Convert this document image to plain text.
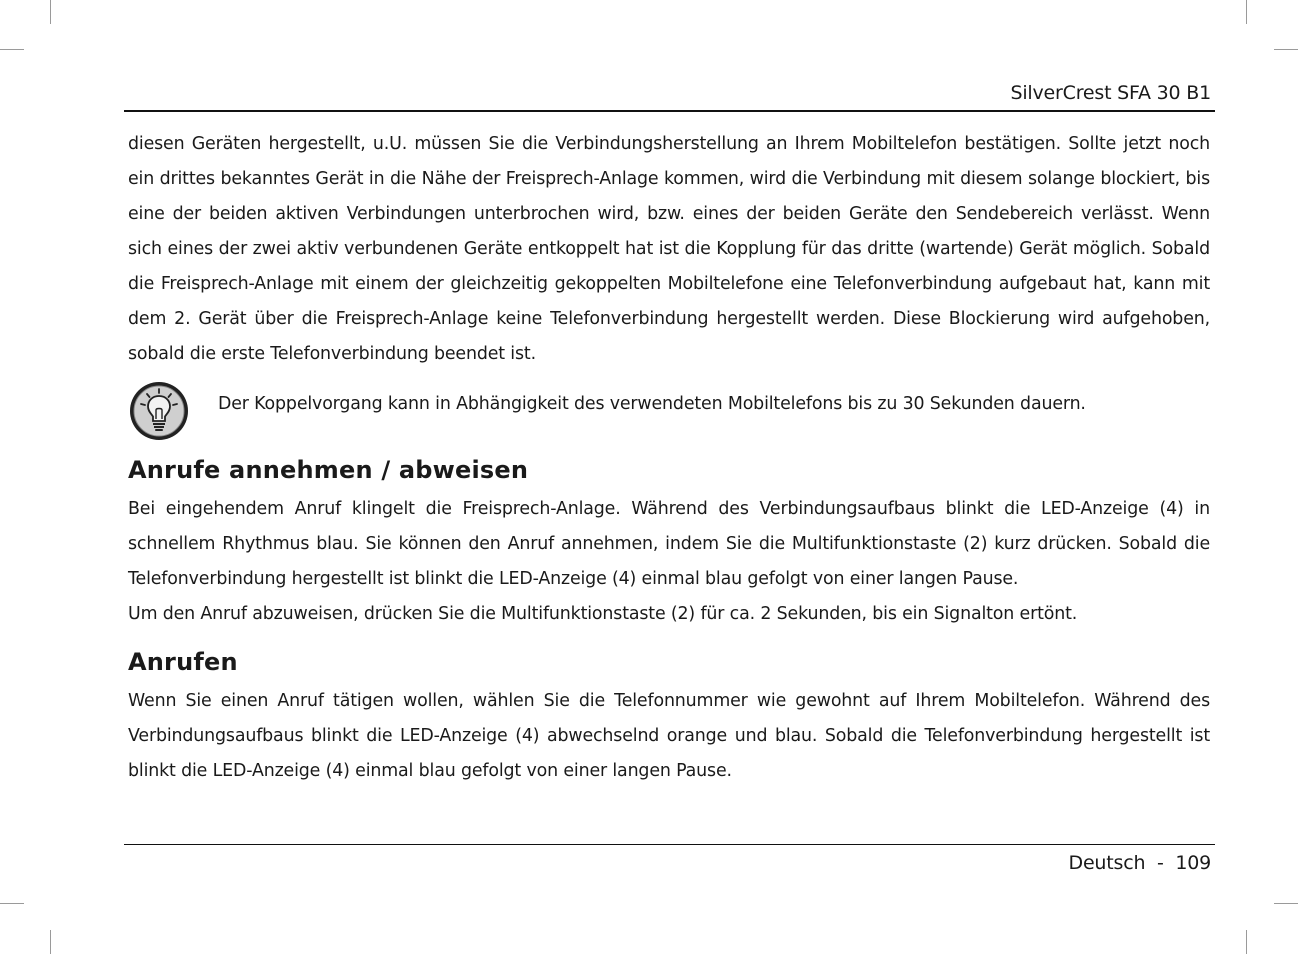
SilverCrest SFA 30 B1

diesen Geräten hergestellt, u.U. müssen Sie die Verbindungsherstellung an Ihrem Mobiltelefon bestätigen. Sollte jetzt noch ein drittes bekanntes Gerät in die Nähe der Freisprech-Anlage kommen, wird die Verbindung mit diesem solange blockiert, bis eine der beiden aktiven Verbindungen unterbrochen wird, bzw. eines der beiden Geräte den Sendebereich verlässt. Wenn sich eines der zwei aktiv verbundenen Geräte entkoppelt hat ist die Kopplung für das dritte (wartende) Gerät möglich. Sobald die Freisprech-Anlage mit einem der gleichzeitig gekoppelten Mobiltelefone eine Telefonverbindung aufgebaut hat, kann mit dem 2. Gerät über die Freisprech-Anlage keine Telefonverbindung hergestellt werden. Diese Blockierung wird aufgehoben, sobald die erste Telefonverbindung beendet ist.

Der Koppelvorgang kann in Abhängigkeit des verwendeten Mobiltelefons bis zu 30 Sekunden dauern.
Anrufe annehmen / abweisen

Bei eingehendem Anruf klingelt die Freisprech-Anlage. Während des Verbindungsaufbaus blinkt die LED-Anzeige (4) in schnellem Rhythmus blau. Sie können den Anruf annehmen, indem Sie die Multifunktionstaste (2) kurz drücken. Sobald die Telefonverbindung hergestellt ist blinkt die LED-Anzeige (4) einmal blau gefolgt von einer langen Pause.

Um den Anruf abzuweisen, drücken Sie die Multifunktionstaste (2) für ca. 2 Sekunden, bis ein Signalton ertönt.

Anrufen

Wenn Sie einen Anruf tätigen wollen, wählen Sie die Telefonnummer wie gewohnt auf Ihrem Mobiltelefon. Während des Verbindungsaufbaus blinkt die LED-Anzeige (4) abwechselnd orange und blau. Sobald die Telefonverbindung hergestellt ist blinkt die LED-Anzeige (4) einmal blau gefolgt von einer langen Pause.

Deutsch  -  109
